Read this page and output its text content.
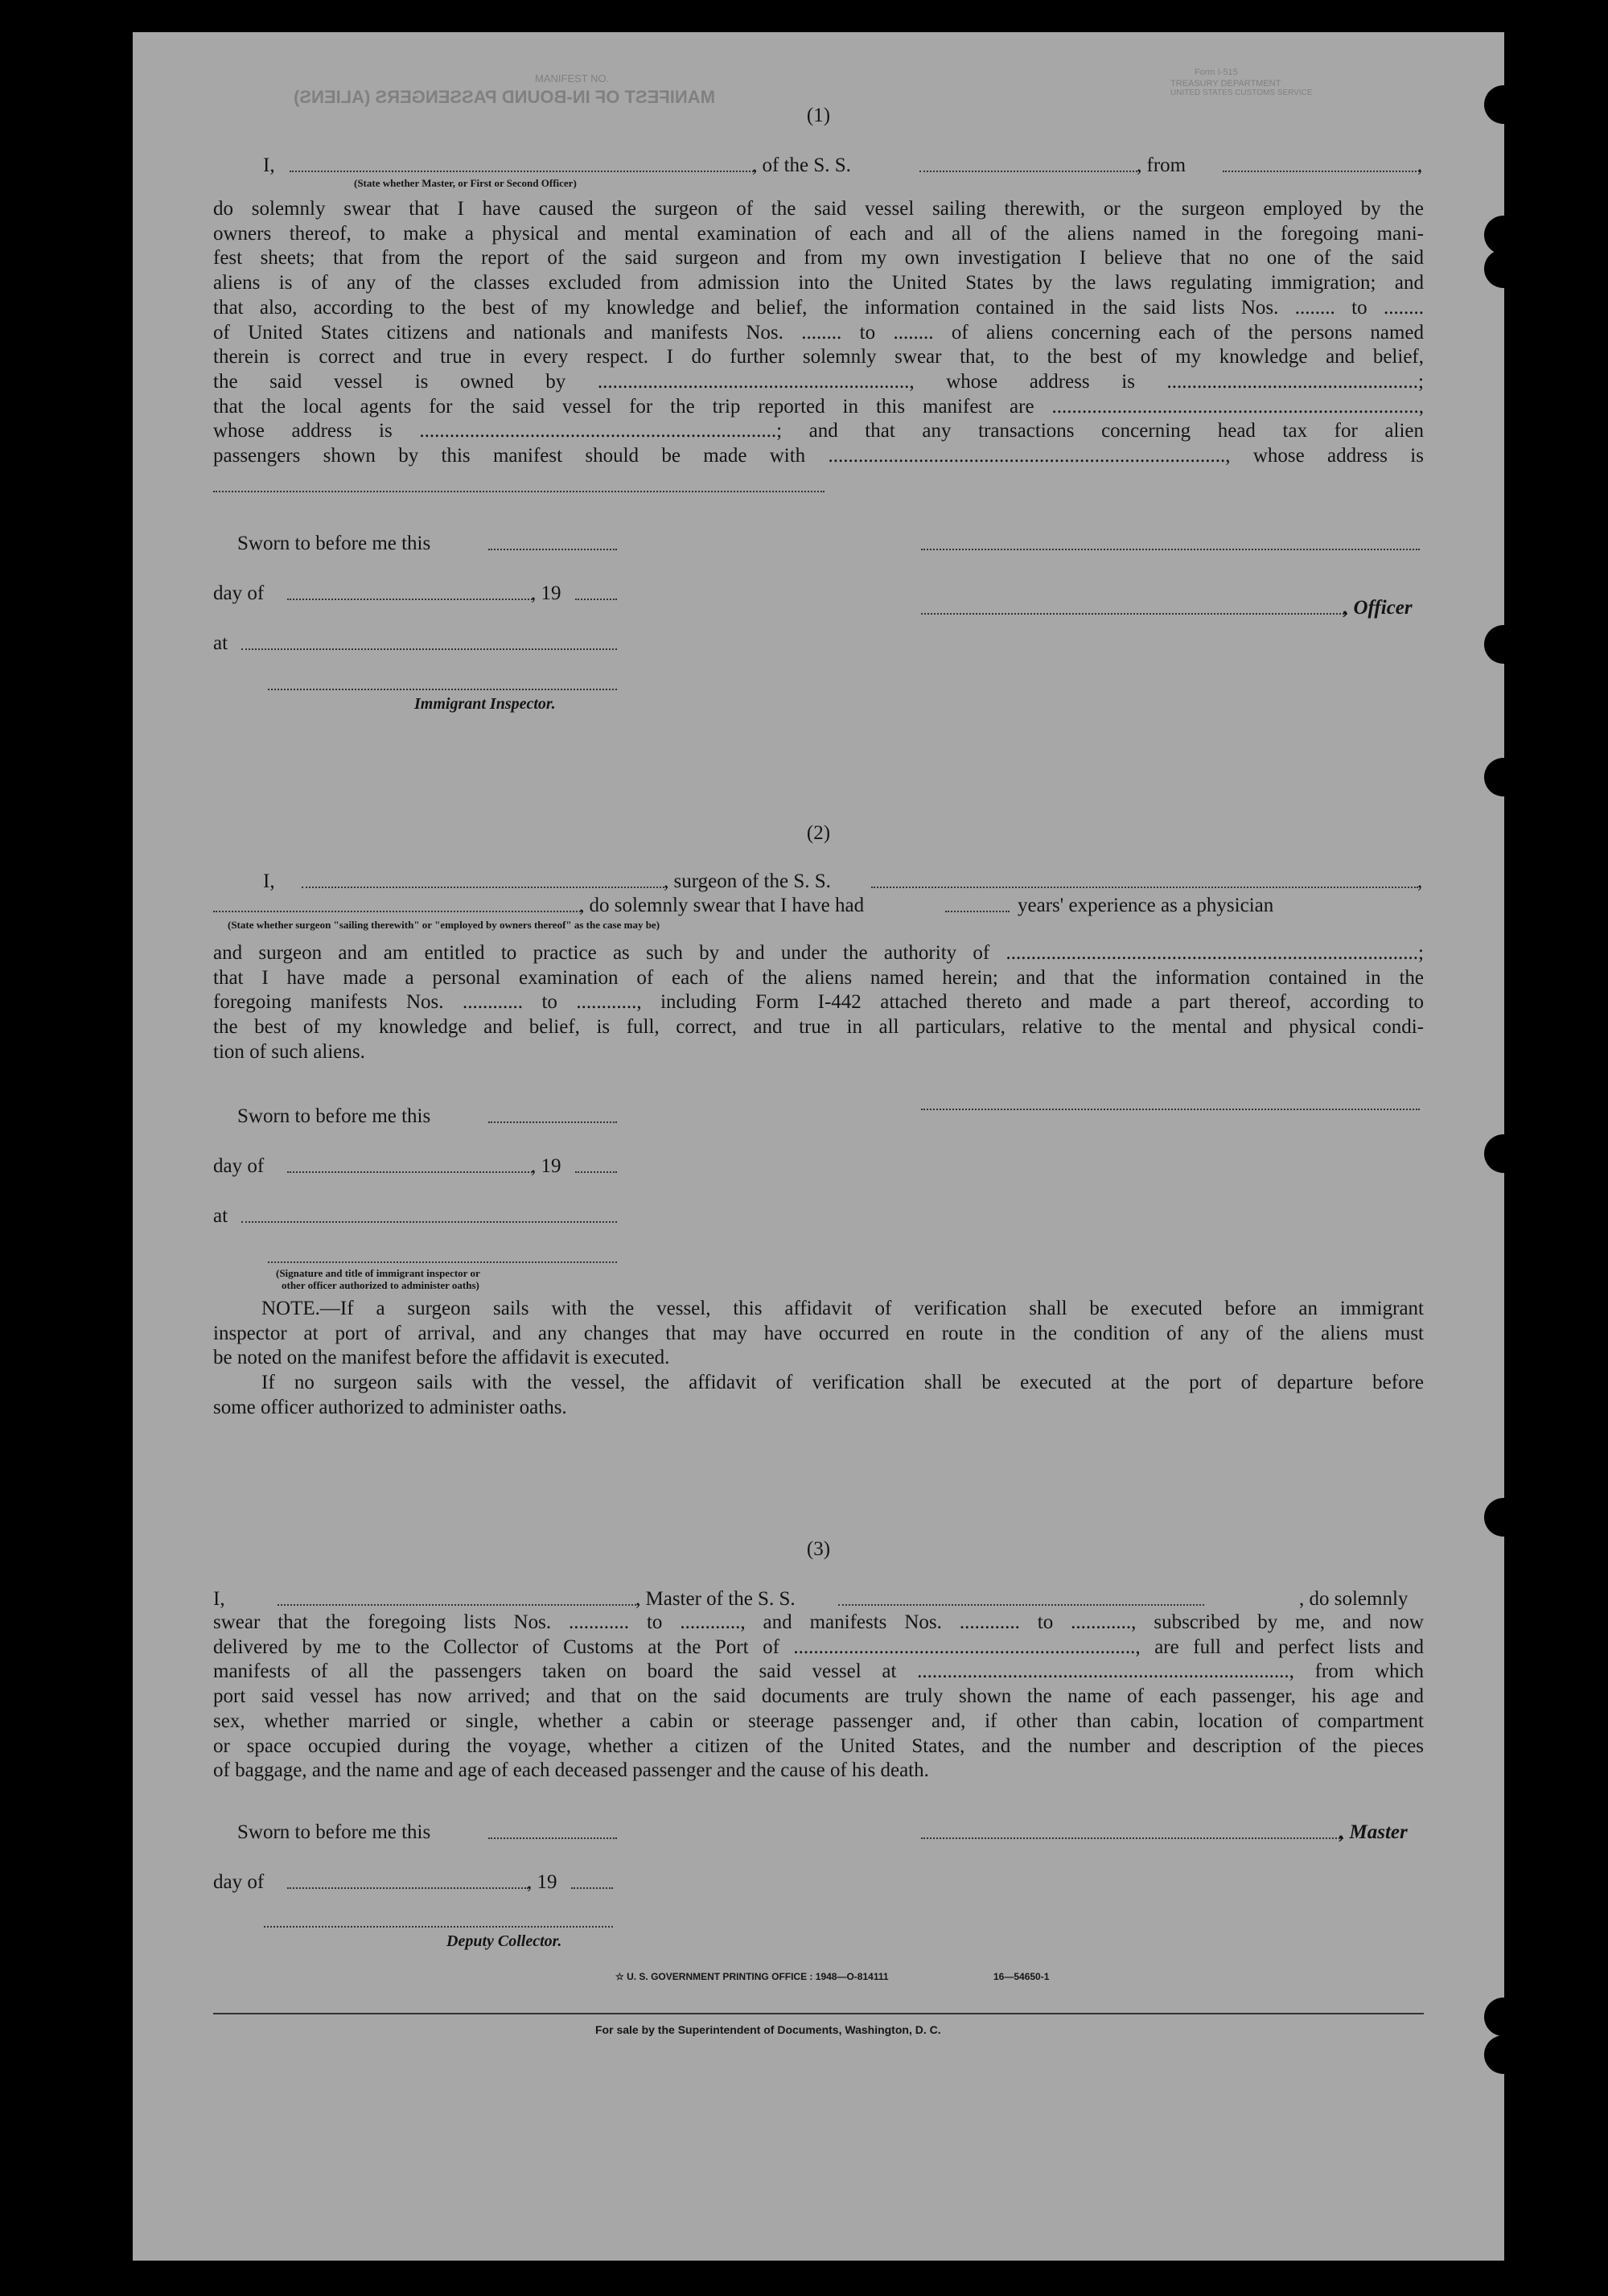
MANIFEST NO.
MANIFEST OF IN-BOUND PASSENGERS (ALIENS)
Form I-515
TREASURY DEPARTMENT
UNITED STATES CUSTOMS SERVICE
(1)
I,	, of the S. S.	, from	,
(State whether Master, or First or Second Officer)

do solemnly swear that I have caused the surgeon of the said vessel sailing therewith, or the surgeon employed by the

owners thereof, to make a physical and mental examination of each and all of the aliens named in the foregoing mani-

fest sheets; that from the report of the said surgeon and from my own investigation I believe that no one of the said

aliens is of any of the classes excluded from admission into the United States by the laws regulating immigration; and

that also, according to the best of my knowledge and belief, the information contained in the said lists Nos. ........ to ........

of United States citizens and nationals and manifests Nos. ........ to ........ of aliens concerning each of the persons named

therein is correct and true in every respect. I do further solemnly swear that, to the best of my knowledge and belief,

the said vessel is owned by .............................................................., whose address is ..................................................;

that the local agents for the said vessel for the trip reported in this manifest are .........................................................................,

whose address is .......................................................................; and that any transactions concerning head tax for alien

passengers shown by this manifest should be made with ..............................................................................., whose address is

Sworn to before me this
day of	, 19
, Officer
at
Immigrant Inspector.
(2)
I,	, surgeon of the S. S.	,
, do solemnly swear that I have had	years' experience as a physician
(State whether surgeon "sailing therewith" or "employed by owners thereof" as the case may be)

and surgeon and am entitled to practice as such by and under the authority of ..................................................................................;

that I have made a personal examination of each of the aliens named herein; and that the information contained in the

foregoing manifests Nos. ............ to ............, including Form I-442 attached thereto and made a part thereof, according to

the best of my knowledge and belief, is full, correct, and true in all particulars, relative to the mental and physical condi-

tion of such aliens.

Sworn to before me this
day of	, 19
at
(Signature and title of immigrant inspector or
other officer authorized to administer oaths)

NOTE.—If a surgeon sails with the vessel, this affidavit of verification shall be executed before an immigrant

inspector at port of arrival, and any changes that may have occurred en route in the condition of any of the aliens must

be noted on the manifest before the affidavit is executed.

If no surgeon sails with the vessel, the affidavit of verification shall be executed at the port of departure before

some officer authorized to administer oaths.

(3)
I,	, Master of the S. S.	, do solemnly

swear that the foregoing lists Nos. ............ to ............, and manifests Nos. ............ to ............, subscribed by me, and now

delivered by me to the Collector of Customs at the Port of ...................................................................., are full and perfect lists and

manifests of all the passengers taken on board the said vessel at .........................................................................., from which

port said vessel has now arrived; and that on the said documents are truly shown the name of each passenger, his age and

sex, whether married or single, whether a cabin or steerage passenger and, if other than cabin, location of compartment

or space occupied during the voyage, whether a citizen of the United States, and the number and description of the pieces

of baggage, and the name and age of each deceased passenger and the cause of his death.

Sworn to before me this	, Master
day of	, 19
Deputy Collector.
☆ U. S. GOVERNMENT PRINTING OFFICE : 1948—O-814111	16—54650-1
For sale by the Superintendent of Documents, Washington, D. C.
